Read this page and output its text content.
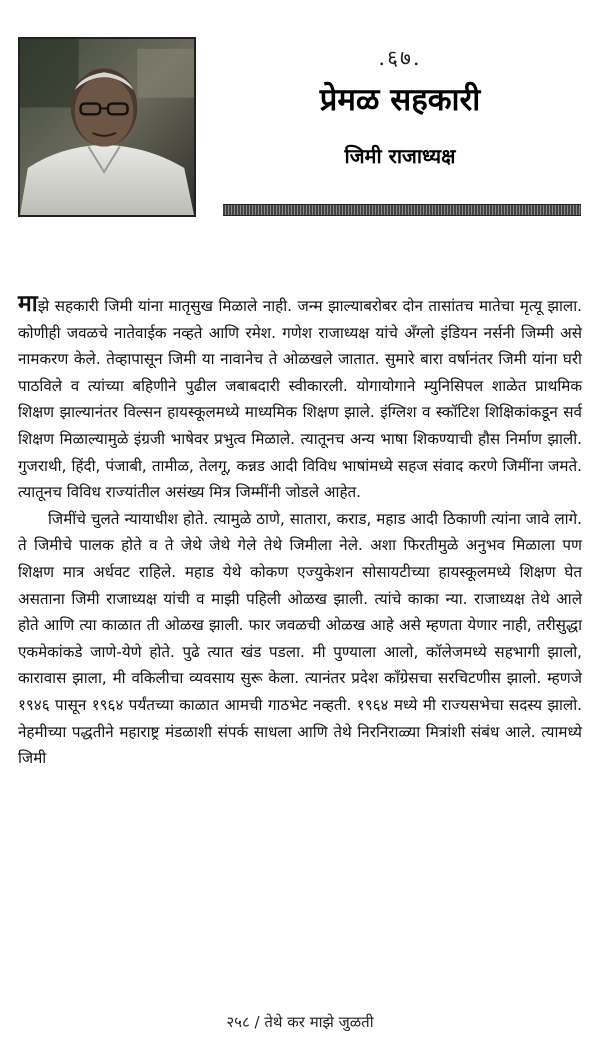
.६७.
प्रेमळ सहकारी
जिमी राजाध्यक्ष

माझे सहकारी जिमी यांना मातृसुख मिळाले नाही. जन्म झाल्याबरोबर दोन तासांतच मातेचा मृत्यू झाला. कोणीही जवळचे नातेवाईक नव्हते आणि रमेश. गणेश राजाध्यक्ष यांचे अँग्लो इंडियन नर्सनी जिम्मी असे नामकरण केले. तेव्हापासून जिमी या नावानेच ते ओळखले जातात. सुमारे बारा वर्षानंतर जिमी यांना घरी पाठविले व त्यांच्या बहिणीने पुढील जबाबदारी स्वीकारली. योगायोगाने म्युनिसिपल शाळेत प्राथमिक शिक्षण झाल्यानंतर विल्सन हायस्कूलमध्ये माध्यमिक शिक्षण झाले. इंग्लिश व स्कॉटिश शिक्षिकांकडून सर्व शिक्षण मिळाल्यामुळे इंग्रजी भाषेवर प्रभुत्व मिळाले. त्यातूनच अन्य भाषा शिकण्याची हौस निर्माण झाली. गुजराथी, हिंदी, पंजाबी, तामीळ, तेलगू, कन्नड आदी विविध भाषांमध्ये सहज संवाद करणे जिमींना जमते. त्यातूनच विविध राज्यांतील असंख्य मित्र जिम्मींनी जोडले आहेत.

जिमींचे चुलते न्यायाधीश होते. त्यामुळे ठाणे, सातारा, कराड, महाड आदी ठिकाणी त्यांना जावे लागे. ते जिमीचे पालक होते व ते जेथे जेथे गेले तेथे जिमीला नेले. अशा फिरतीमुळे अनुभव मिळाला पण शिक्षण मात्र अर्धवट राहिले. महाड येथे कोकण एज्युकेशन सोसायटीच्या हायस्कूलमध्ये शिक्षण घेत असताना जिमी राजाध्यक्ष यांची व माझी पहिली ओळख झाली. त्यांचे काका न्या. राजाध्यक्ष तेथे आले होते आणि त्या काळात ती ओळख झाली. फार जवळची ओळख आहे असे म्हणता येणार नाही, तरीसुद्धा एकमेकांकडे जाणे-येणे होते. पुढे त्यात खंड पडला. मी पुण्याला आलो, कॉलेजमध्ये सहभागी झालो, कारावास झाला, मी वकिलीचा व्यवसाय सुरू केला. त्यानंतर प्रदेश काँग्रेसचा सरचिटणीस झालो. म्हणजे १९४६ पासून १९६४ पर्यंतच्या काळात आमची गाठभेट नव्हती. १९६४ मध्ये मी राज्यसभेचा सदस्य झालो. नेहमीच्या पद्धतीने महाराष्ट्र मंडळाशी संपर्क साधला आणि तेथे निरनिराळ्या मित्रांशी संबंध आले. त्यामध्ये जिमी

२५८ / तेथे कर माझे जुळती
